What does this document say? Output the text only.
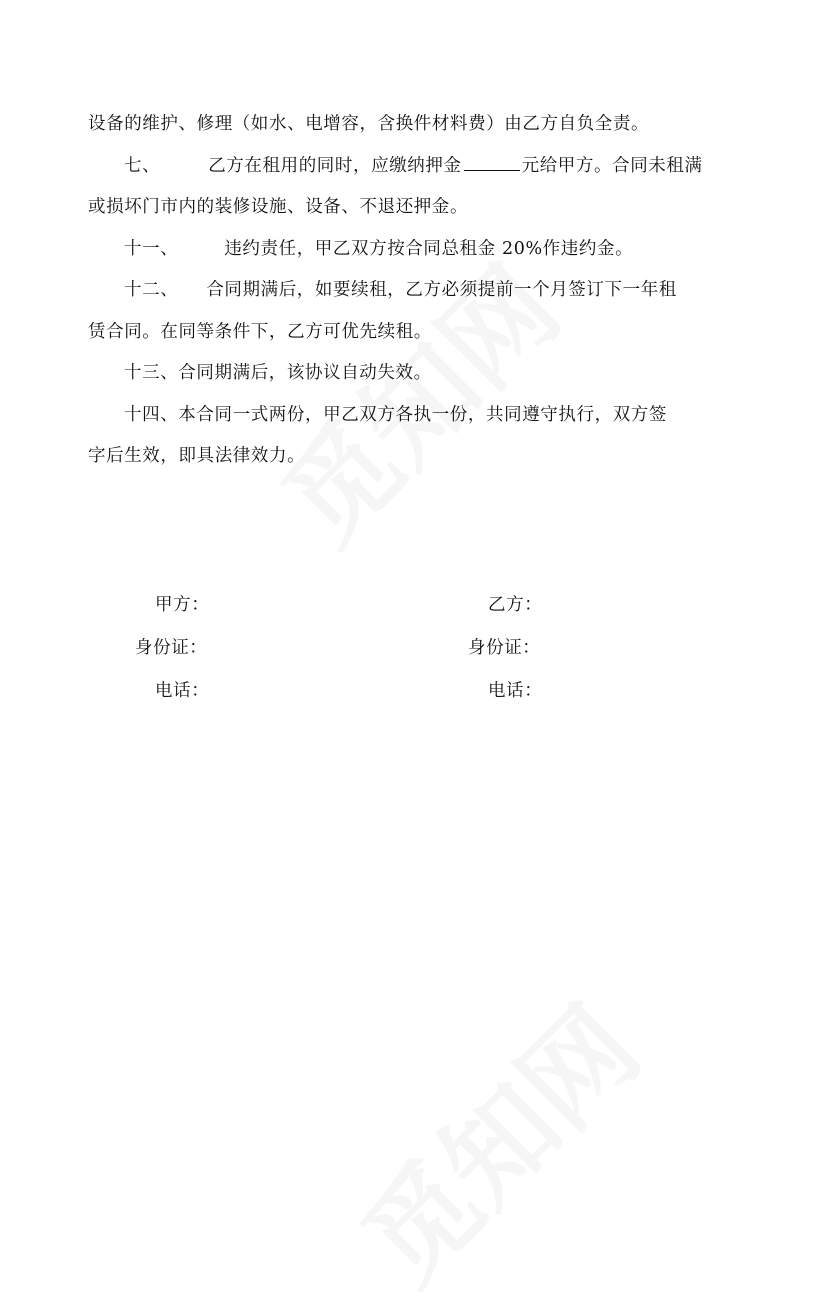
设备的维护、修理（如水、电增容，含换件材料费）由乙方自负全责。
七、	乙方在租用的同时，应缴纳押金	元给甲方。合同未租满
或损坏门市内的装修设施、设备、不退还押金。
十一、	违约责任，甲乙双方按合同总租金 20%作违约金。
十二、 合同期满后，如要续租，乙方必须提前一个月签订下一年租
赁合同。在同等条件下，乙方可优先续租。
十三、合同期满后，该协议自动失效。
十四、本合同一式两份，甲乙双方各执一份，共同遵守执行，双方签
字后生效，即具法律效力。
甲方：	乙方：
身份证：	身份证：
电话：	电话：
